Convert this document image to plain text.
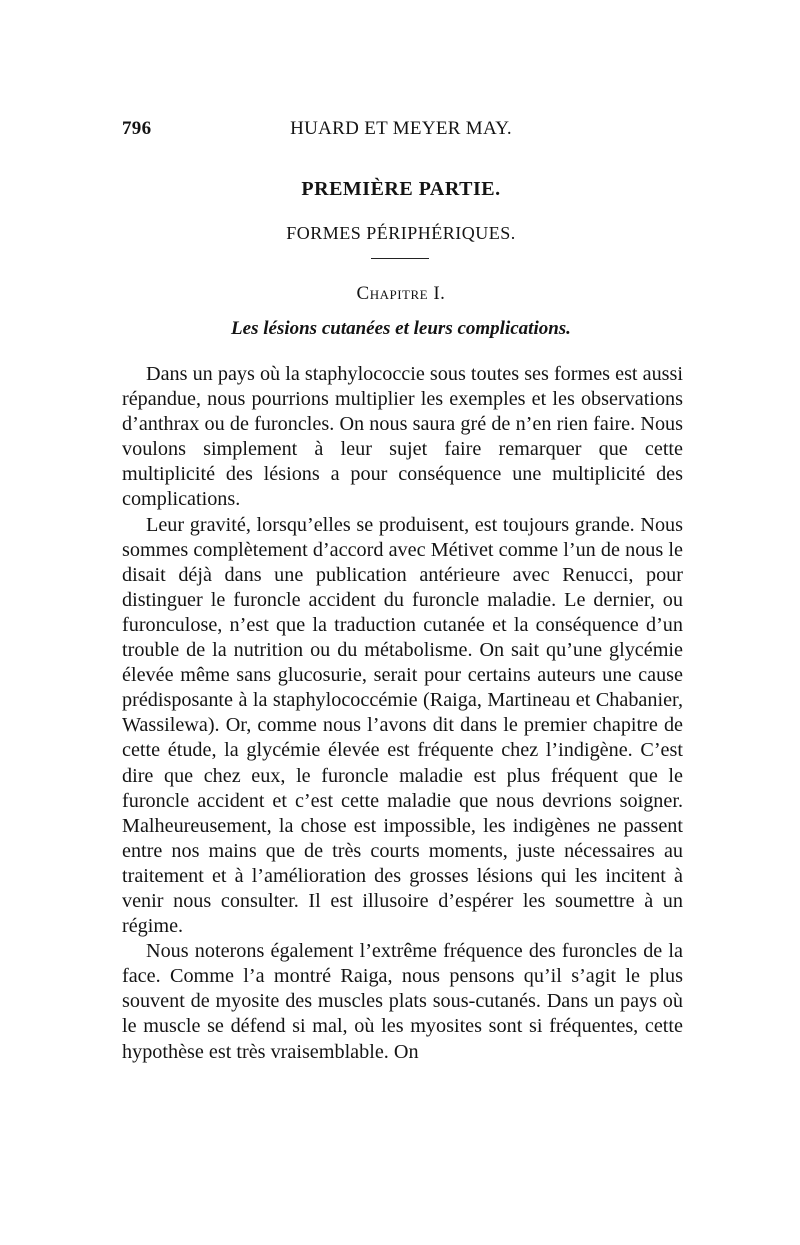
796	HUARD ET MEYER MAY.
PREMIÈRE PARTIE.
FORMES PÉRIPHÉRIQUES.
Chapitre I.
Les lésions cutanées et leurs complications.

Dans un pays où la staphylococcie sous toutes ses formes est aussi répandue, nous pourrions multiplier les exemples et les observations d’anthrax ou de furoncles. On nous saura gré de n’en rien faire. Nous voulons simplement à leur sujet faire remarquer que cette multiplicité des lésions a pour conséquence une multiplicité des complications.

Leur gravité, lorsqu’elles se produisent, est toujours grande. Nous sommes complètement d’accord avec Métivet comme l’un de nous le disait déjà dans une publication antérieure avec Renucci, pour distinguer le furoncle accident du furoncle maladie. Le dernier, ou furonculose, n’est que la traduction cutanée et la conséquence d’un trouble de la nutrition ou du métabolisme. On sait qu’une glycémie élevée même sans glucosurie, serait pour certains auteurs une cause prédisposante à la staphylococcémie (Raiga, Martineau et Chabanier, Wassilewa). Or, comme nous l’avons dit dans le premier chapitre de cette étude, la glycémie élevée est fréquente chez l’indigène. C’est dire que chez eux, le furoncle maladie est plus fréquent que le furoncle accident et c’est cette maladie que nous devrions soigner. Malheureusement, la chose est impossible, les indigènes ne passent entre nos mains que de très courts moments, juste nécessaires au traitement et à l’amélioration des grosses lésions qui les incitent à venir nous consulter. Il est illusoire d’espérer les soumettre à un régime.

Nous noterons également l’extrême fréquence des furoncles de la face. Comme l’a montré Raiga, nous pensons qu’il s’agit le plus souvent de myosite des muscles plats sous-cutanés. Dans un pays où le muscle se défend si mal, où les myosites sont si fréquentes, cette hypothèse est très vraisemblable. On
